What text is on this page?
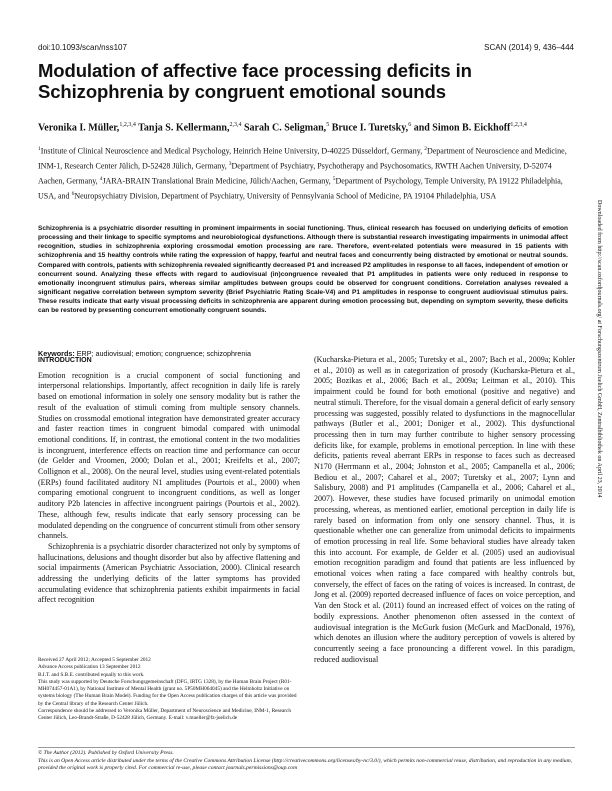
doi:10.1093/scan/nss107	SCAN (2014) 9, 436–444
Modulation of affective face processing deficits in
Schizophrenia by congruent emotional sounds
Veronika I. Müller,$^{1,2,3,4}$ Tanja S. Kellermann,$^{2,3,4}$ Sarah C. Seligman,$^5$ Bruce I. Turetsky,$^6$ and Simon B. Eickhoff$^{1,2,3,4}$
$^1$Institute of Clinical Neuroscience and Medical Psychology, Heinrich Heine University, D-40225 Düsseldorf, Germany, $^2$Department of Neuroscience and Medicine, INM-1, Research Center Jülich, D-52428 Jülich, Germany, $^3$Department of Psychiatry, Psychotherapy and Psychosomatics, RWTH Aachen University, D-52074 Aachen, Germany, $^4$JARA-BRAIN Translational Brain Medicine, Jülich/Aachen, Germany, $^5$Department of Psychology, Temple University, PA 19122 Philadelphia, USA, and $^6$Neuropsychiatry Division, Department of Psychiatry, University of Pennsylvania School of Medicine, PA 19104 Philadelphia, USA
Schizophrenia is a psychiatric disorder resulting in prominent impairments in social functioning. Thus, clinical research has focused on underlying deficits of emotion processing and their linkage to specific symptoms and neurobiological dysfunctions. Although there is substantial research investigating impairments in unimodal affect recognition, studies in schizophrenia exploring crossmodal emotion processing are rare. Therefore, event-related potentials were measured in 15 patients with schizophrenia and 15 healthy controls while rating the expression of happy, fearful and neutral faces and concurrently being distracted by emotional or neutral sounds. Compared with controls, patients with schizophrenia revealed significantly decreased P1 and increased P2 amplitudes in response to all faces, independent of emotion or concurrent sound. Analyzing these effects with regard to audiovisual (in)congruence revealed that P1 amplitudes in patients were only reduced in response to emotionally incongruent stimulus pairs, whereas similar amplitudes between groups could be observed for congruent conditions. Correlation analyses revealed a significant negative correlation between symptom severity (Brief Psychiatric Rating Scale-V4) and P1 amplitudes in response to congruent audiovisual stimulus pairs. These results indicate that early visual processing deficits in schizophrenia are apparent during emotion processing but, depending on symptom severity, these deficits can be restored by presenting concurrent emotionally congruent sounds.
Keywords: ERP; audiovisual; emotion; congruence; schizophrenia
INTRODUCTION

Emotion recognition is a crucial component of social functioning and interpersonal relationships. Importantly, affect recognition in daily life is rarely based on emotional information in solely one sensory modality but is rather the result of the evaluation of stimuli coming from multiple sensory channels. Studies on crossmodal emotional integration have demonstrated greater accuracy and faster reaction times in congruent bimodal compared with unimodal emotional conditions. If, in contrast, the emotional content in the two modalities is incongruent, interference effects on reaction time and performance can occur (de Gelder and Vroomen, 2000; Dolan et al., 2001; Kreifelts et al., 2007; Collignon et al., 2008). On the neural level, studies using event-related potentials (ERPs) found facilitated auditory N1 amplitudes (Pourtois et al., 2000) when comparing emotional congruent to incongruent conditions, as well as longer auditory P2b latencies in affective incongruent pairings (Pourtois et al., 2002). These, although few, results indicate that early sensory processing can be modulated depending on the congruence of concurrent stimuli from other sensory channels.

Schizophrenia is a psychiatric disorder characterized not only by symptoms of hallucinations, delusions and thought disorder but also by affective flattening and social impairments (American Psychiatric Association, 2000). Clinical research addressing the underlying deficits of the latter symptoms has provided accumulating evidence that schizophrenia patients exhibit impairments in facial affect recognition

Received 27 April 2012; Accepted 5 September 2012

Advance Access publication 13 September 2012

B.I.T. and S.B.E. contributed equally to this work.

This study was supported by Deutsche Forschungsgemeinschaft (DFG, IRTG 1328), by the Human Brain Project (R01-MH074457-01A1), by National Institute of Mental Health (grant no. 5P50MH064045) and the Helmholtz Initiative on systems biology (The Human Brain Model). Funding for the Open Access publication charges of this article was provided by the Central library of the Research Center Jülich.

Correspondence should be addressed to Veronika Müller, Department of Neuroscience and Medicine, INM-1, Research Center Jülich, Leo-Brandt-Straße, D-52428 Jülich, Germany. E-mail: v.mueller@fz-juelich.de

(Kucharska-Pietura et al., 2005; Turetsky et al., 2007; Bach et al., 2009a; Kohler et al., 2010) as well as in categorization of prosody (Kucharska-Pietura et al., 2005; Bozikas et al., 2006; Bach et al., 2009a; Leitman et al., 2010). This impairment could be found for both emotional (positive and negative) and neutral stimuli. Therefore, for the visual domain a general deficit of early sensory processing was suggested, possibly related to dysfunctions in the magnocellular pathways (Butler et al., 2001; Doniger et al., 2002). This dysfunctional processing then in turn may further contribute to higher sensory processing deficits like, for example, problems in emotional perception. In line with these deficits, patients reveal aberrant ERPs in response to faces such as decreased N170 (Herrmann et al., 2004; Johnston et al., 2005; Campanella et al., 2006; Bediou et al., 2007; Caharel et al., 2007; Turetsky et al., 2007; Lynn and Salisbury, 2008) and P1 amplitudes (Campanella et al., 2006; Caharel et al., 2007). However, these studies have focused primarily on unimodal emotion processing, whereas, as mentioned earlier, emotional perception in daily life is rarely based on information from only one sensory channel. Thus, it is questionable whether one can generalize from unimodal deficits to impairments of emotion processing in real life. Some behavioral studies have already taken this into account. For example, de Gelder et al. (2005) used an audiovisual emotion recognition paradigm and found that patients are less influenced by emotional voices when rating a face compared with healthy controls but, conversely, the effect of faces on the rating of voices is increased. In contrast, de Jong et al. (2009) reported decreased influence of faces on voice perception, and Van den Stock et al. (2011) found an increased effect of voices on the rating of bodily expressions. Another phenomenon often assessed in the context of audiovisual integration is the McGurk fusion (McGurk and MacDonald, 1976), which denotes an illusion where the auditory perception of vowels is altered by concurrently seeing a face pronouncing a different vowel. In this paradigm, reduced audiovisual

© The Author (2012). Published by Oxford University Press.

This is an Open Access article distributed under the terms of the Creative Commons Attribution License (http://creativecommons.org/licenses/by-nc/3.0/), which permits non-commercial reuse, distribution, and reproduction in any medium, provided the original work is properly cited. For commercial re-use, please contact journals.permissions@oup.com

Downloaded from http://scan.oxfordjournals.org/ at Forschungszentrum Juelich GmbH, Zentralbibliothek on April 23, 2014
